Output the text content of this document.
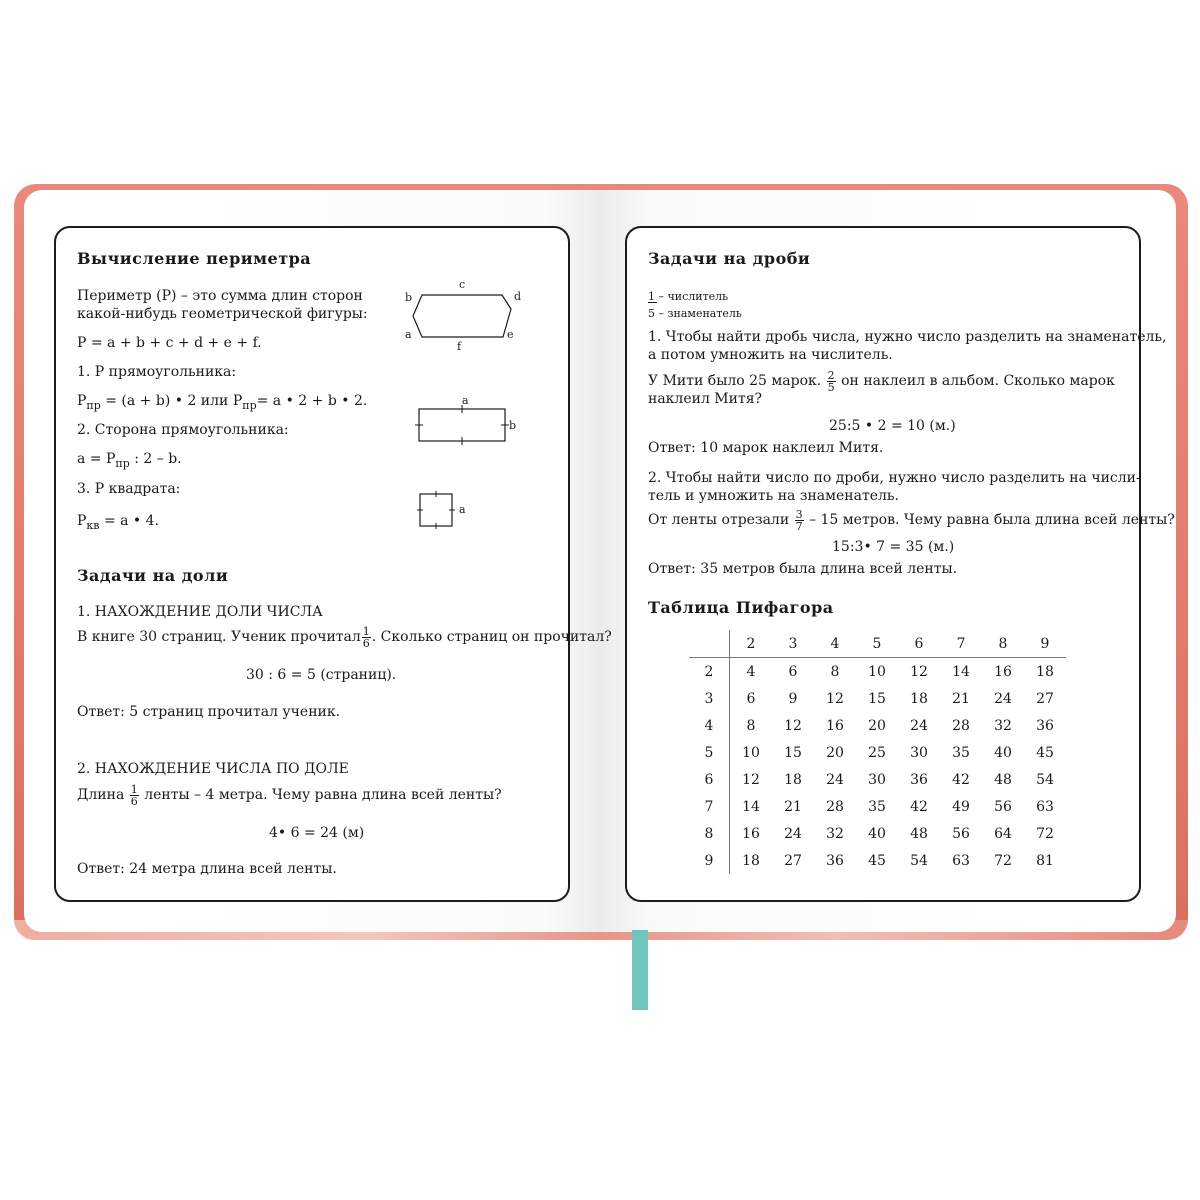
Вычисление периметра
Периметр (P) – это сумма длин сторон
какой-нибудь геометрической фигуры:
P = a + b + c + d + e + f.
1. P прямоугольника:
$P_{пр} = (a + b)$ • 2 или $P_{пр}= a$ • 2 + b • 2.
2. Сторона прямоугольника:
$a = P_{пр}$ : 2 – b.
3. P квадрата:
$P_{кв} = a$ • 4.
c
b	d
a	e
f
a
b
a
Задачи на доли
1. НАХОЖДЕНИЕ ДОЛИ ЧИСЛА
В книге 30 страниц. Ученик прочитал $\frac{1}{6}$ . Сколько страниц он прочитал?
30 : 6 = 5 (страниц).
Ответ: 5 страниц прочитал ученик.
2. НАХОЖДЕНИЕ ЧИСЛА ПО ДОЛЕ
Длина $\frac{1}{6}$ ленты – 4 метра. Чему равна длина всей ленты?
4• 6 = 24 (м)
Ответ: 24 метра длина всей ленты.
Задачи на дроби
1 – числитель
5 – знаменатель
1. Чтобы найти дробь числа, нужно число разделить на знаменатель,
а потом умножить на числитель.
У Мити было 25 марок. $\frac{2}{5}$ он наклеил в альбом. Сколько марок
наклеил Митя?
25:5 • 2 = 10 (м.)
Ответ: 10 марок наклеил Митя.
2. Чтобы найти число по дроби, нужно число разделить на числи-
тель и умножить на знаменатель.
От ленты отрезали $\frac{3}{7} - 15$ метров. Чему равна была длина всей ленты?
15:3• 7 = 35 (м.)
Ответ: 35 метров была длина всей ленты.
Таблица Пифагора
	2	3	4	5	6	7	8	9
2	4	6	8	10	12	14	16	18
3	6	9	12	15	18	21	24	27
4	8	12	16	20	24	28	32	36
5	10	15	20	25	30	35	40	45
6	12	18	24	30	36	42	48	54
7	14	21	28	35	42	49	56	63
8	16	24	32	40	48	56	64	72
9	18	27	36	45	54	63	72	81
